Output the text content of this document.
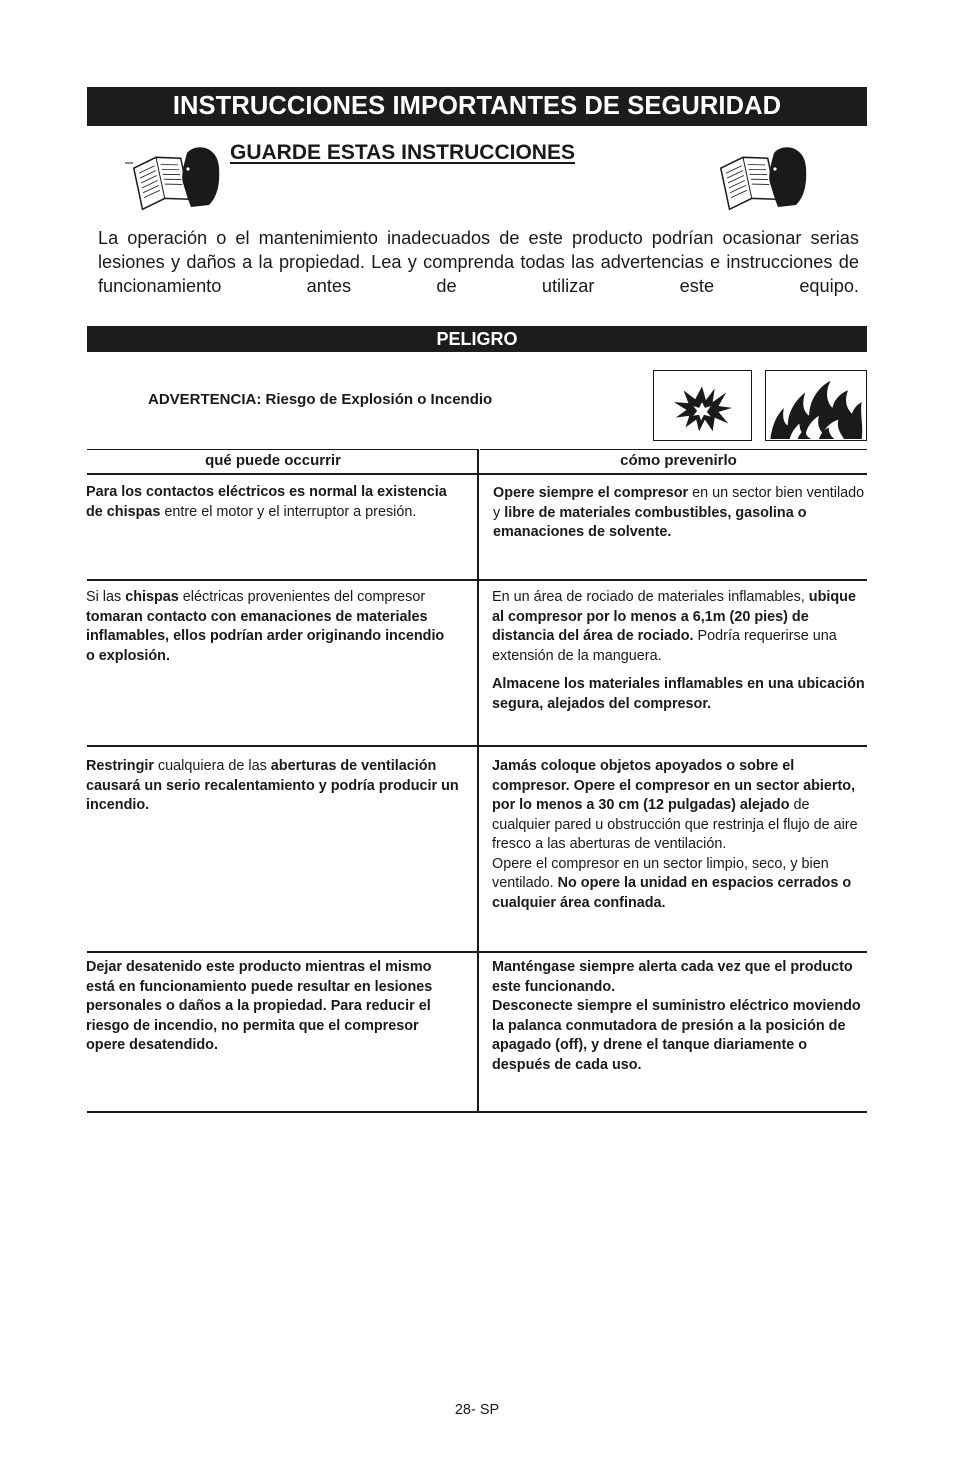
INSTRUCCIONES IMPORTANTES DE SEGURIDAD
GUARDE ESTAS INSTRUCCIONES
La operación o el mantenimiento inadecuados de este producto podrían ocasionar serias lesiones y daños a la propiedad. Lea y comprenda todas las advertencias e instrucciones de funcionamiento antes de utilizar este equipo.
PELIGRO
ADVERTENCIA: Riesgo de Explosión o Incendio
qué puede occurrir	cómo prevenirlo

Para los contactos eléctricos es normal la existencia de chispas entre el motor y el interruptor a presión.

Opere siempre el compresor en un sector bien ventilado y libre de materiales combustibles, gasolina o emanaciones de solvente.

Si las chispas eléctricas provenientes del compresor tomaran contacto con emanaciones de materiales inflamables, ellos podrían arder originando incendio o explosión.

En un área de rociado de materiales inflamables, ubique al compresor por lo menos a 6,1m (20 pies) de distancia del área de rociado. Podría requerirse una extensión de la manguera.

Almacene los materiales inflamables en una ubicación segura, alejados del compresor.

Restringir cualquiera de las aberturas de ventilación causará un serio recalentamiento y podría producir un incendio.

Jamás coloque objetos apoyados o sobre el compresor. Opere el compresor en un sector abierto, por lo menos a 30 cm (12 pulgadas) alejado de cualquier pared u obstrucción que restrinja el flujo de aire fresco a las aberturas de ventilación.

Opere el compresor en un sector limpio, seco, y bien ventilado. No opere la unidad en espacios cerrados o cualquier área confinada.

Dejar desatenido este producto mientras el mismo está en funcionamiento puede resultar en lesiones personales o daños a la propiedad. Para reducir el riesgo de incendio, no permita que el compresor opere desatendido.

Manténgase siempre alerta cada vez que el producto este funcionando.

Desconecte siempre el suministro eléctrico moviendo la palanca conmutadora de presión a la posición de apagado (off), y drene el tanque diariamente o después de cada uso.

28- SP
